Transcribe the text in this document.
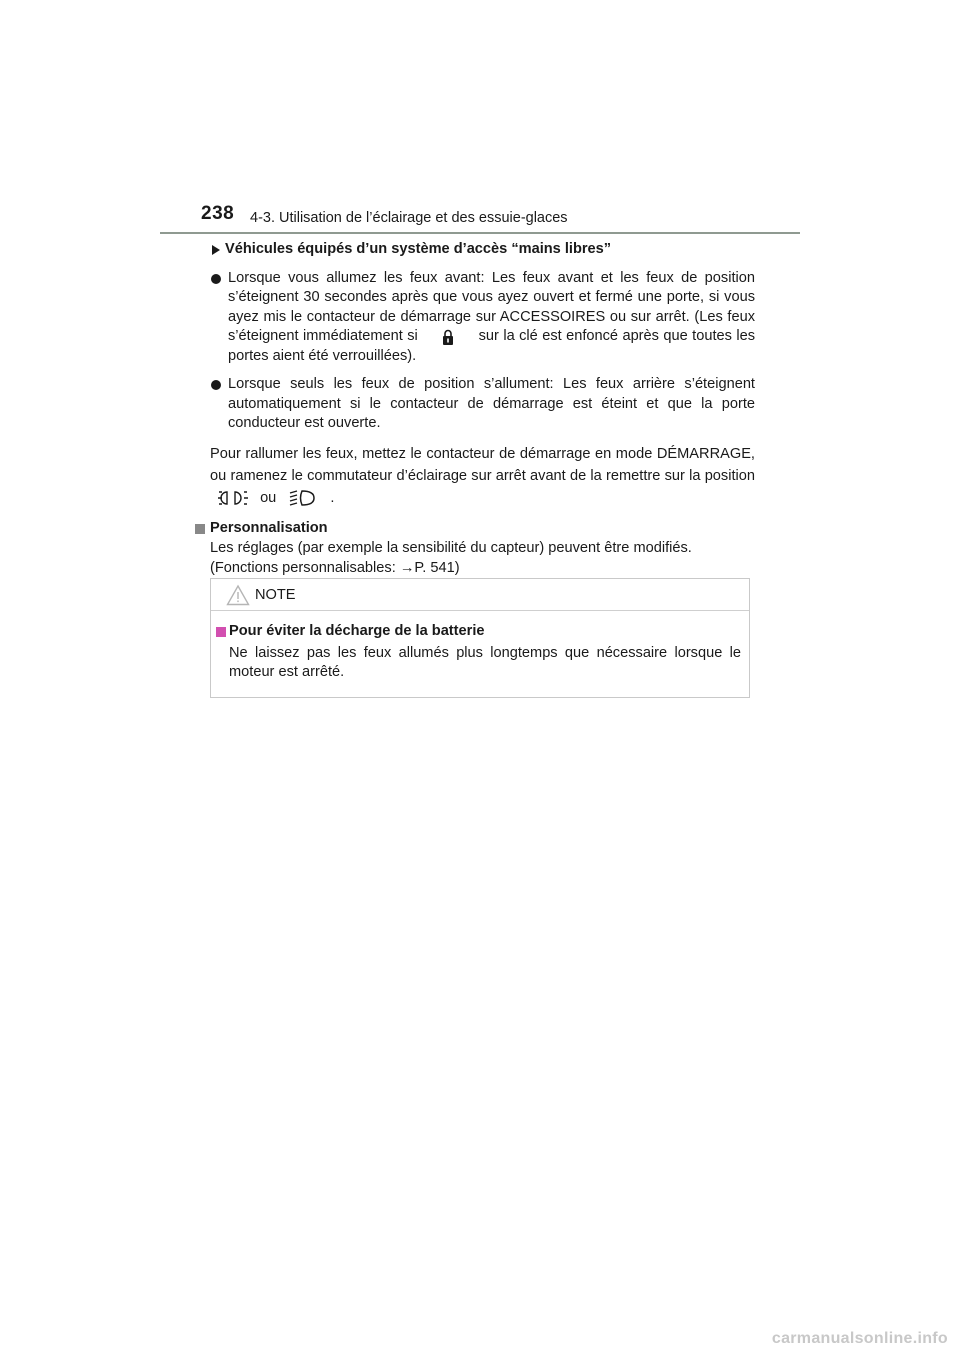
238 4-3. Utilisation de l’éclairage et des essuie-glaces
Véhicules équipés d’un système d’accès “mains libres”
Lorsque vous allumez les feux avant: Les feux avant et les feux de position s’éteignent 30 secondes après que vous ayez ouvert et fermé une porte, si vous ayez mis le contacteur de démarrage sur ACCESSOIRES ou sur arrêt. (Les feux s’éteignent immédiatement si	sur la clé est enfoncé après que toutes les portes aient été verrouillées).
Lorsque seuls les feux de position s’allument: Les feux arrière s’éteignent automatiquement si le contacteur de démarrage est éteint et que la porte conducteur est ouverte.
Pour rallumer les feux, mettez le contacteur de démarrage en mode DÉMARRAGE, ou ramenez le commutateur d’éclairage sur arrêt avant de la remettre sur la position  ou	.
Personnalisation
Les réglages (par exemple la sensibilité du capteur) peuvent être modifiés.
(Fonctions personnalisables: →P. 541)
NOTE
Pour éviter la décharge de la batterie
Ne laissez pas les feux allumés plus longtemps que nécessaire lorsque le moteur est arrêté.
carmanualsonline.info
